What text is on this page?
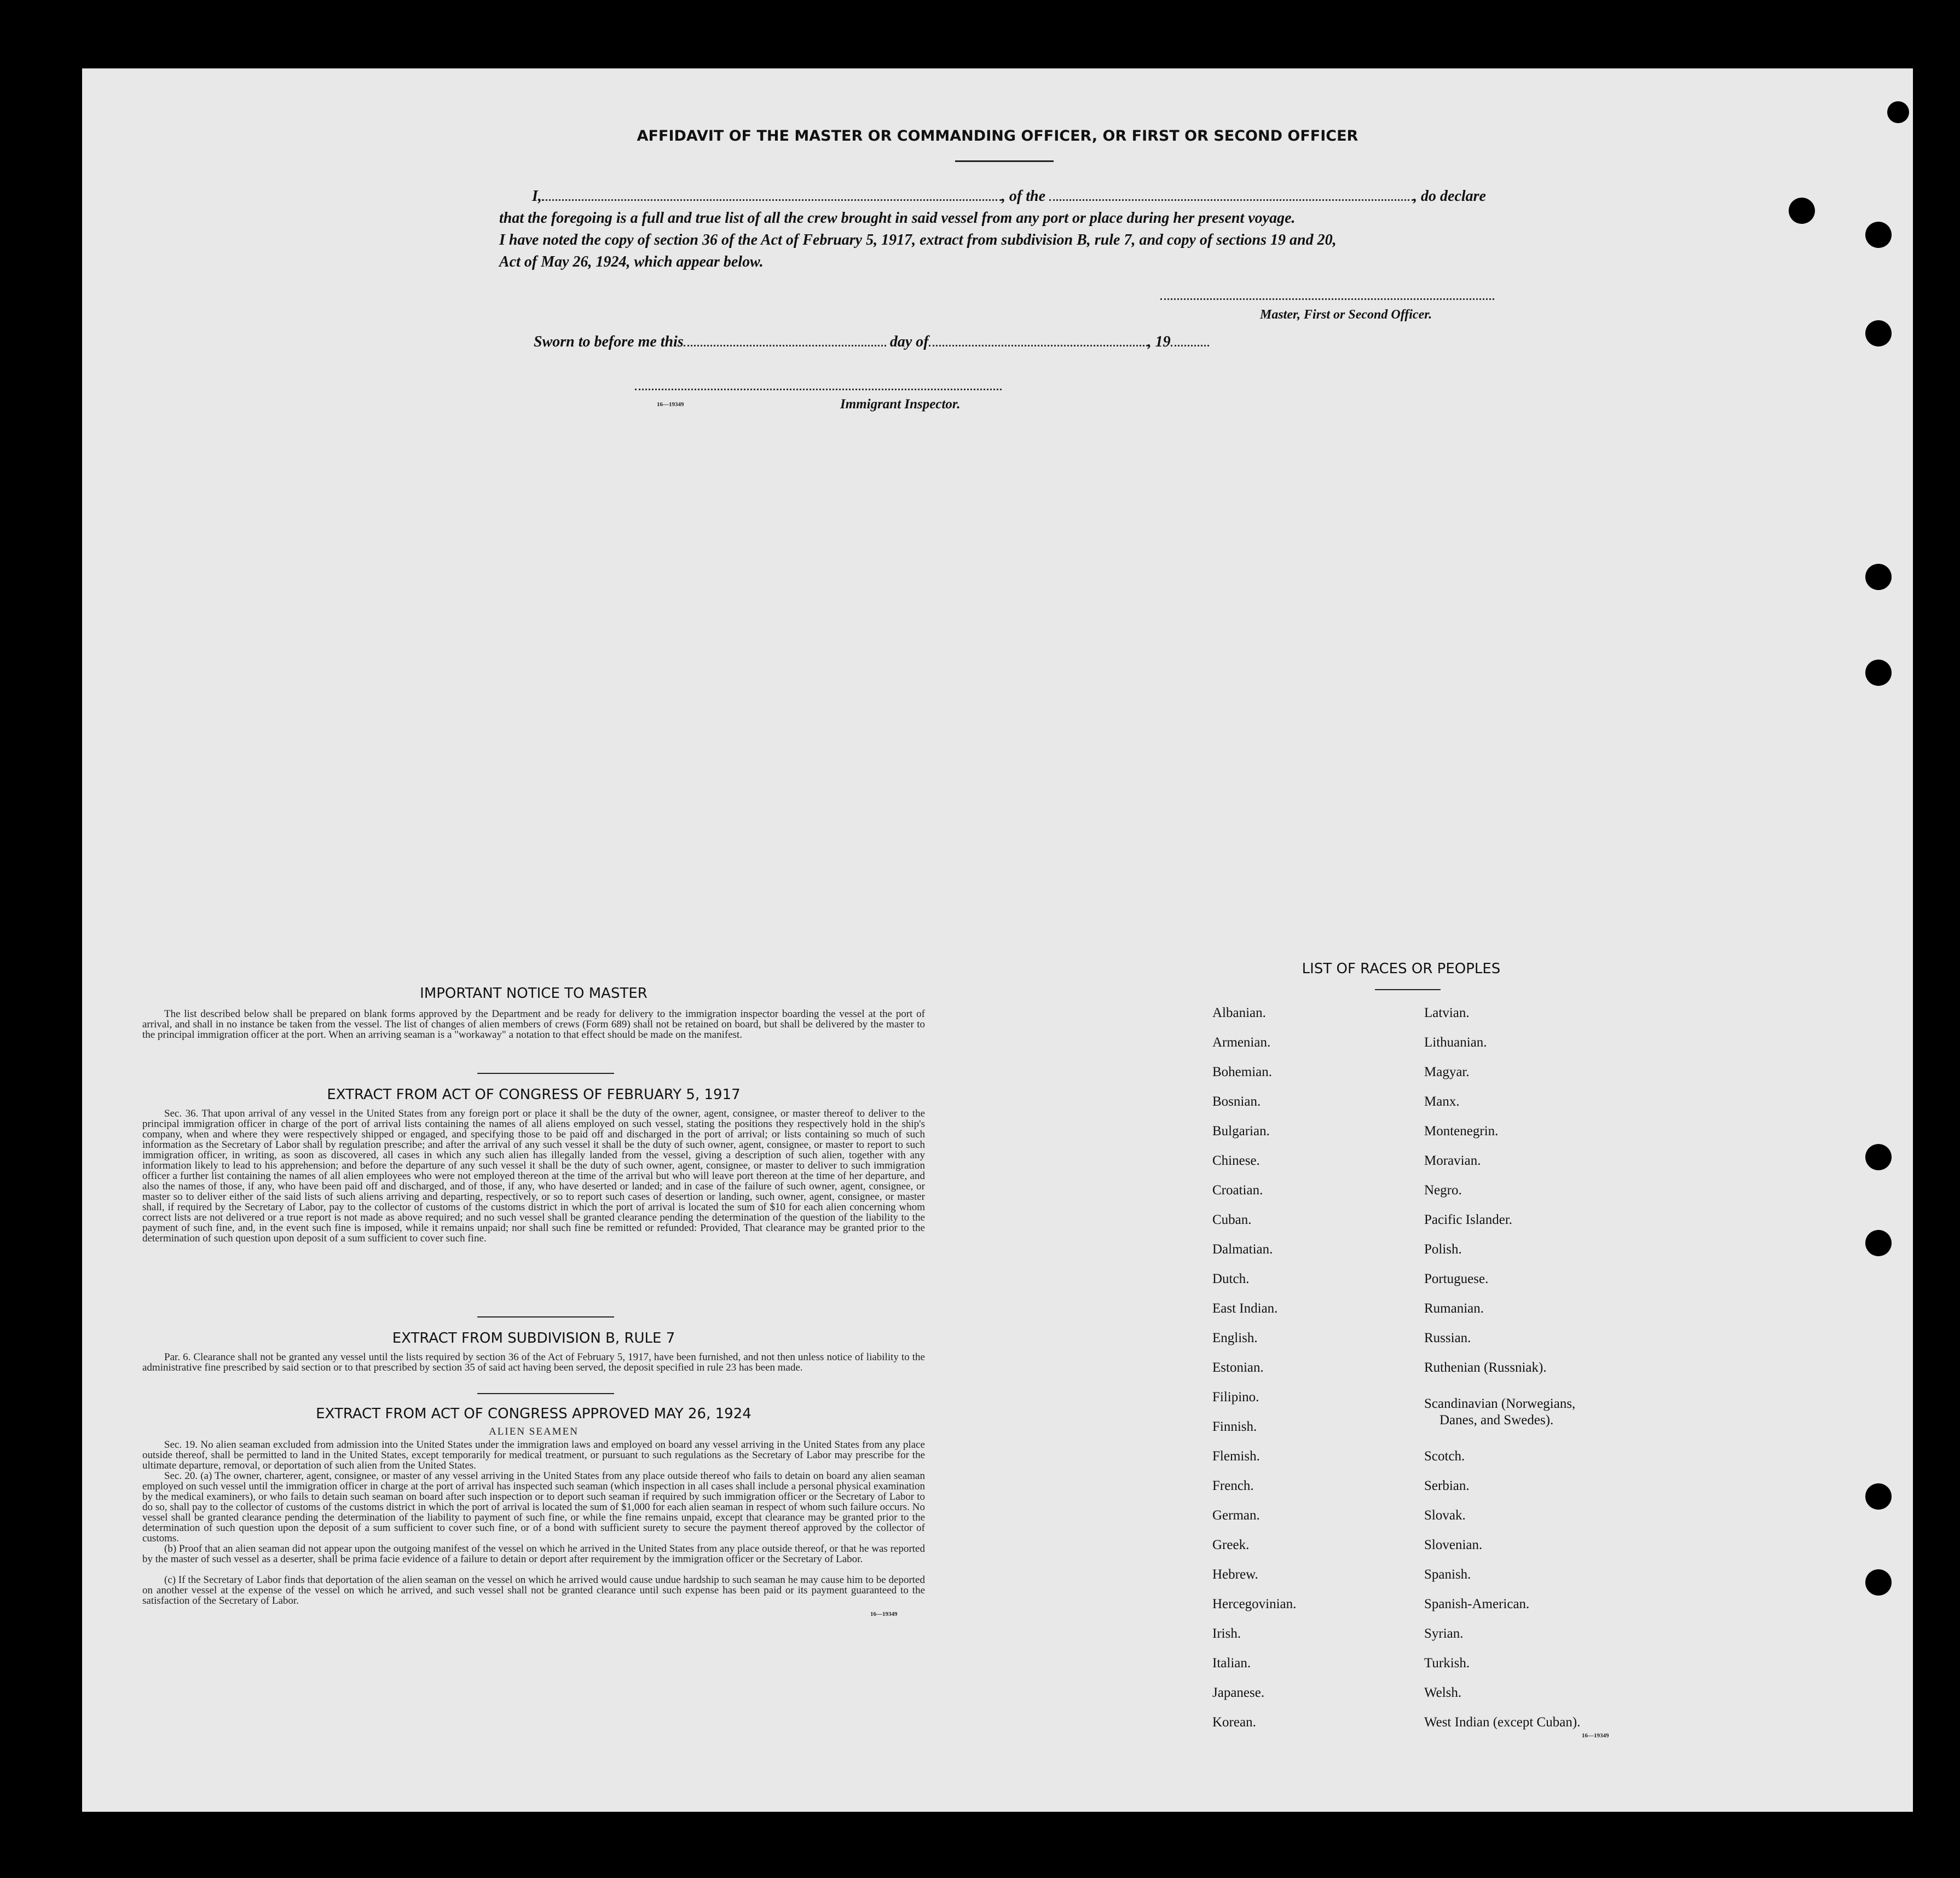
AFFIDAVIT OF THE MASTER OR COMMANDING OFFICER, OR FIRST OR SECOND OFFICER
I,	, of the	, do declare
that the foregoing is a full and true list of all the crew brought in said vessel from any port or place during her present voyage.
I have noted the copy of section 36 of the Act of February 5, 1917, extract from subdivision B, rule 7, and copy of sections 19 and 20,
Act of May 26, 1924, which appear below.
Master, First or Second Officer.
Sworn to before me this	day of	, 19
16—19349	Immigrant Inspector.
IMPORTANT NOTICE TO MASTER
The list described below shall be prepared on blank forms approved by the Department and be ready for delivery to the immigration inspector boarding the vessel at the port of arrival, and shall in no instance be taken from the vessel. The list of changes of alien members of crews (Form 689) shall not be retained on board, but shall be delivered by the master to the principal immigration officer at the port. When an arriving seaman is a "workaway" a notation to that effect should be made on the manifest.
EXTRACT FROM ACT OF CONGRESS OF FEBRUARY 5, 1917
Sec. 36. That upon arrival of any vessel in the United States from any foreign port or place it shall be the duty of the owner, agent, consignee, or master thereof to deliver to the principal immigration officer in charge of the port of arrival lists containing the names of all aliens employed on such vessel, stating the positions they respectively hold in the ship's company, when and where they were respectively shipped or engaged, and specifying those to be paid off and discharged in the port of arrival; or lists containing so much of such information as the Secretary of Labor shall by regulation prescribe; and after the arrival of any such vessel it shall be the duty of such owner, agent, consignee, or master to report to such immigration officer, in writing, as soon as discovered, all cases in which any such alien has illegally landed from the vessel, giving a description of such alien, together with any information likely to lead to his apprehension; and before the departure of any such vessel it shall be the duty of such owner, agent, consignee, or master to deliver to such immigration officer a further list containing the names of all alien employees who were not employed thereon at the time of the arrival but who will leave port thereon at the time of her departure, and also the names of those, if any, who have been paid off and discharged, and of those, if any, who have deserted or landed; and in case of the failure of such owner, agent, consignee, or master so to deliver either of the said lists of such aliens arriving and departing, respectively, or so to report such cases of desertion or landing, such owner, agent, consignee, or master shall, if required by the Secretary of Labor, pay to the collector of customs of the customs district in which the port of arrival is located the sum of $10 for each alien concerning whom correct lists are not delivered or a true report is not made as above required; and no such vessel shall be granted clearance pending the determination of the question of the liability to the payment of such fine, and, in the event such fine is imposed, while it remains unpaid; nor shall such fine be remitted or refunded: Provided, That clearance may be granted prior to the determination of such question upon deposit of a sum sufficient to cover such fine.
EXTRACT FROM SUBDIVISION B, RULE 7
Par. 6. Clearance shall not be granted any vessel until the lists required by section 36 of the Act of February 5, 1917, have been furnished, and not then unless notice of liability to the administrative fine prescribed by said section or to that prescribed by section 35 of said act having been served, the deposit specified in rule 23 has been made.
EXTRACT FROM ACT OF CONGRESS APPROVED MAY 26, 1924
ALIEN SEAMEN
Sec. 19. No alien seaman excluded from admission into the United States under the immigration laws and employed on board any vessel arriving in the United States from any place outside thereof, shall be permitted to land in the United States, except temporarily for medical treatment, or pursuant to such regulations as the Secretary of Labor may prescribe for the ultimate departure, removal, or deportation of such alien from the United States.
Sec. 20. (a) The owner, charterer, agent, consignee, or master of any vessel arriving in the United States from any place outside thereof who fails to detain on board any alien seaman employed on such vessel until the immigration officer in charge at the port of arrival has inspected such seaman (which inspection in all cases shall include a personal physical examination by the medical examiners), or who fails to detain such seaman on board after such inspection or to deport such seaman if required by such immigration officer or the Secretary of Labor to do so, shall pay to the collector of customs of the customs district in which the port of arrival is located the sum of $1,000 for each alien seaman in respect of whom such failure occurs. No vessel shall be granted clearance pending the determination of the liability to payment of such fine, or while the fine remains unpaid, except that clearance may be granted prior to the determination of such question upon the deposit of a sum sufficient to cover such fine, or of a bond with sufficient surety to secure the payment thereof approved by the collector of customs.
(b) Proof that an alien seaman did not appear upon the outgoing manifest of the vessel on which he arrived in the United States from any place outside thereof, or that he was reported by the master of such vessel as a deserter, shall be prima facie evidence of a failure to detain or deport after requirement by the immigration officer or the Secretary of Labor.
(c) If the Secretary of Labor finds that deportation of the alien seaman on the vessel on which he arrived would cause undue hardship to such seaman he may cause him to be deported on another vessel at the expense of the vessel on which he arrived, and such vessel shall not be granted clearance until such expense has been paid or its payment guaranteed to the satisfaction of the Secretary of Labor.
16—19349
LIST OF RACES OR PEOPLES
Albanian.
Armenian.
Bohemian.
Bosnian.
Bulgarian.
Chinese.
Croatian.
Cuban.
Dalmatian.
Dutch.
East Indian.
English.
Estonian.
Filipino.
Finnish.
Flemish.
French.
German.
Greek.
Hebrew.
Hercegovinian.
Irish.
Italian.
Japanese.
Korean.
Latvian.
Lithuanian.
Magyar.
Manx.
Montenegrin.
Moravian.
Negro.
Pacific Islander.
Polish.
Portuguese.
Rumanian.
Russian.
Ruthenian (Russniak).
Scandinavian (Norwegians,
Danes, and Swedes).
Scotch.
Serbian.
Slovak.
Slovenian.
Spanish.
Spanish-American.
Syrian.
Turkish.
Welsh.
West Indian (except Cuban).
16—19349
